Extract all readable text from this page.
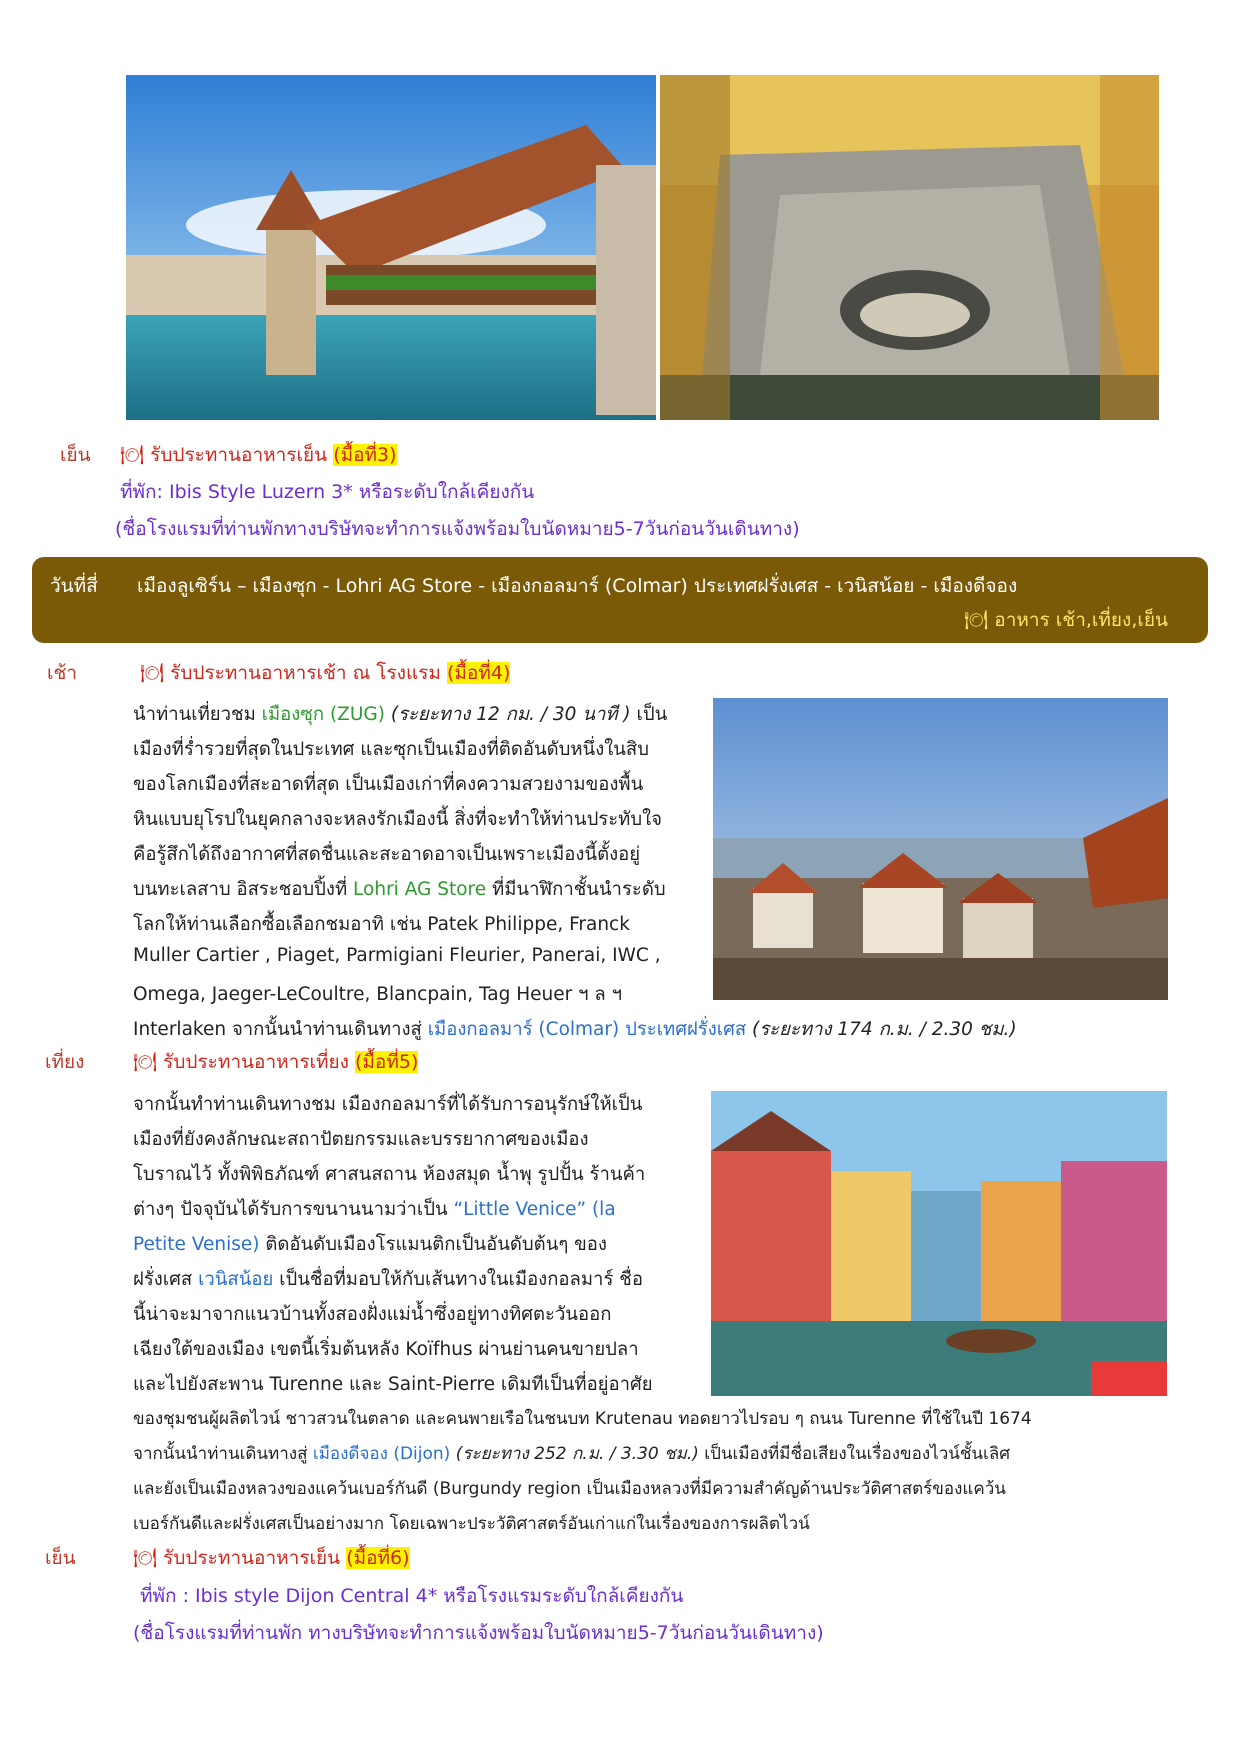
เย็น 🍽 รับประทานอาหารเย็น (มื้อที่3)
ที่พัก: Ibis Style Luzern 3* หรือระดับใกล้เคียงกัน
(ชื่อโรงแรมที่ท่านพักทางบริษัทจะทำการแจ้งพร้อมใบนัดหมาย5-7วันก่อนวันเดินทาง)
วันที่สี่ เมืองลูเซิร์น – เมืองซุก - Lohri AG Store - เมืองกอลมาร์ (Colmar) ประเทศฝรั่งเศส - เวนิสน้อย - เมืองดีจอง
🍽 อาหาร เช้า,เที่ยง,เย็น
เช้า	🍽 รับประทานอาหารเช้า ณ โรงแรม (มื้อที่4)
นำท่านเที่ยวชม เมืองซุก (ZUG) (ระยะทาง 12 กม. / 30 นาที ) เป็น
เมืองที่ร่ำรวยที่สุดในประเทศ และซุกเป็นเมืองที่ติดอันดับหนึ่งในสิบ
ของโลกเมืองที่สะอาดที่สุด เป็นเมืองเก่าที่คงความสวยงามของพื้น
หินแบบยุโรปในยุคกลางจะหลงรักเมืองนี้ สิ่งที่จะทำให้ท่านประทับใจ
คือรู้สึกได้ถึงอากาศที่สดชื่นและสะอาดอาจเป็นเพราะเมืองนี้ตั้งอยู่
บนทะเลสาบ อิสระชอบปิ้งที่ Lohri AG Store ที่มีนาฬิกาชั้นนำระดับ
โลกให้ท่านเลือกซื้อเลือกชมอาทิ เช่น Patek Philippe, Franck
Muller Cartier , Piaget, Parmigiani Fleurier, Panerai, IWC ,
Omega, Jaeger-LeCoultre, Blancpain, Tag Heuer ฯ ล ฯ
Interlaken จากนั้นนำท่านเดินทางสู่ เมืองกอลมาร์ (Colmar) ประเทศฝรั่งเศส (ระยะทาง 174 ก.ม. / 2.30 ชม.)
เที่ยง	🍽 รับประทานอาหารเที่ยง (มื้อที่5)
จากนั้นทำท่านเดินทางชม เมืองกอลมาร์ที่ได้รับการอนุรักษ์ให้เป็น
เมืองที่ยังคงลักษณะสถาปัตยกรรมและบรรยากาศของเมือง
โบราณไว้ ทั้งพิพิธภัณฑ์ ศาสนสถาน ห้องสมุด น้ำพุ รูปปั้น ร้านค้า
ต่างๆ ปัจจุบันได้รับการขนานนามว่าเป็น “Little Venice” (la
Petite Venise) ติดอันดับเมืองโรแมนติกเป็นอันดับต้นๆ ของ
ฝรั่งเศส เวนิสน้อย เป็นชื่อที่มอบให้กับเส้นทางในเมืองกอลมาร์ ชื่อ
นี้น่าจะมาจากแนวบ้านทั้งสองฝั่งแม่น้ำซึ่งอยู่ทางทิศตะวันออก
เฉียงใต้ของเมือง เขตนี้เริ่มต้นหลัง Koïfhus ผ่านย่านคนขายปลา
และไปยังสะพาน Turenne และ Saint-Pierre เดิมทีเป็นที่อยู่อาศัย
ของชุมชนผู้ผลิตไวน์ ชาวสวนในตลาด และคนพายเรือในชนบท Krutenau ทอดยาวไปรอบ ๆ ถนน Turenne ที่ใช้ในปี 1674
จากนั้นนำท่านเดินทางสู่ เมืองดีจอง (Dijon) (ระยะทาง 252 ก.ม. / 3.30 ชม.) เป็นเมืองที่มีชื่อเสียงในเรื่องของไวน์ชั้นเลิศ
และยังเป็นเมืองหลวงของแคว้นเบอร์กันดี (Burgundy region เป็นเมืองหลวงที่มีความสำคัญด้านประวัติศาสตร์ของแคว้น
เบอร์กันดีและฝรั่งเศสเป็นอย่างมาก โดยเฉพาะประวัติศาสตร์อันเก่าแก่ในเรื่องของการผลิตไวน์
เย็น	🍽 รับประทานอาหารเย็น (มื้อที่6)
ที่พัก : Ibis style Dijon Central 4* หรือโรงแรมระดับใกล้เคียงกัน
(ชื่อโรงแรมที่ท่านพัก ทางบริษัทจะทำการแจ้งพร้อมใบนัดหมาย5-7วันก่อนวันเดินทาง)
